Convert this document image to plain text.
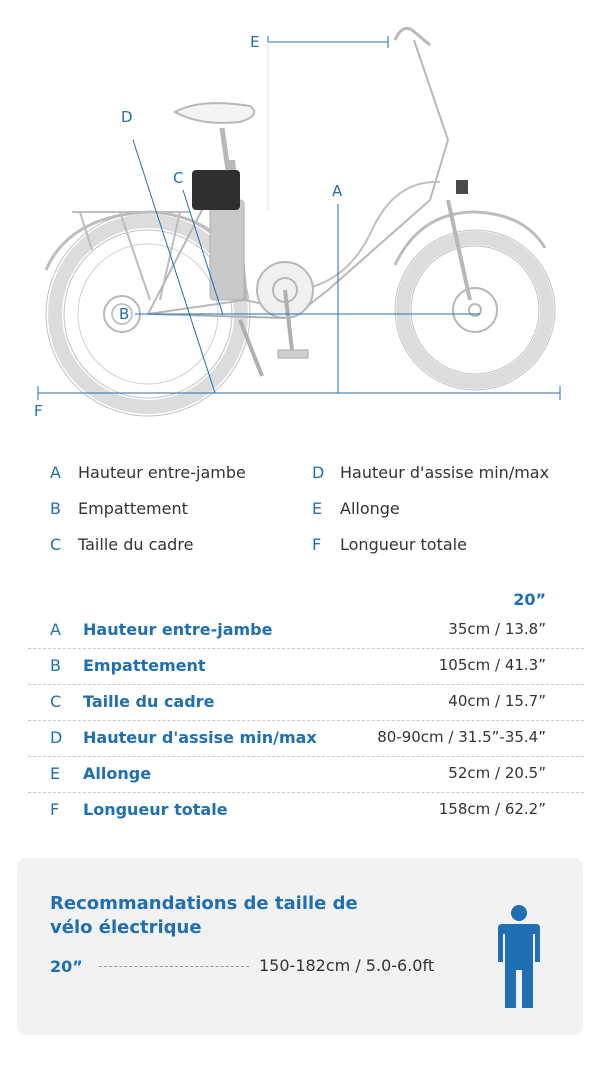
E
D
C
A
B
F
A Hauteur entre-jambe	D Hauteur d'assise min/max
B Empattement	E Allonge
C Taille du cadre	F Longueur totale
20”
A Hauteur entre-jambe	35cm / 13.8”
B Empattement	105cm / 41.3”
C Taille du cadre	40cm / 15.7”
D Hauteur d'assise min/max	80-90cm / 31.5”-35.4”
E Allonge	52cm / 20.5”
F Longueur totale	158cm / 62.2”
Recommandations de taille de vélo électrique
20”	150-182cm / 5.0-6.0ft
